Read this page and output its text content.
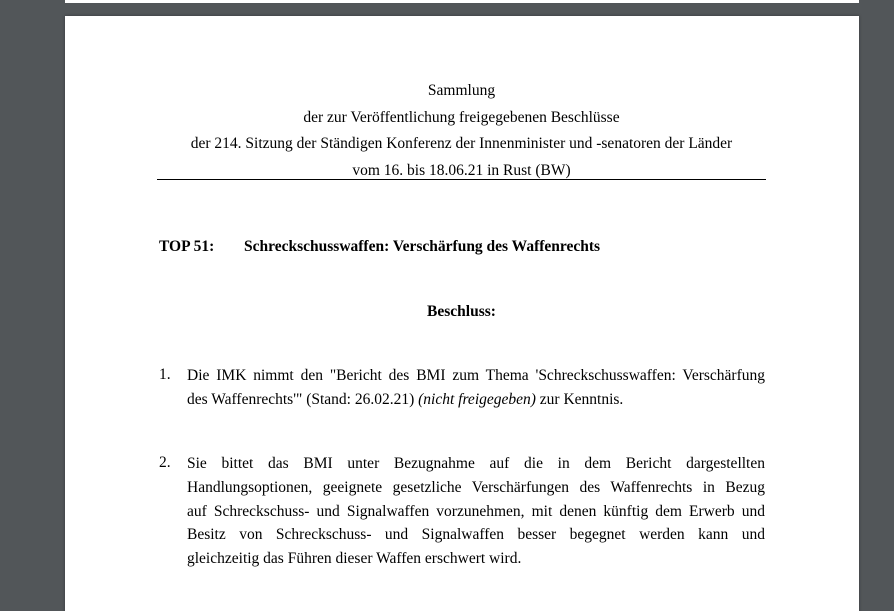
Sammlung
der zur Veröffentlichung freigegebenen Beschlüsse
der 214. Sitzung der Ständigen Konferenz der Innenminister und -senatoren der Länder
vom 16. bis 18.06.21 in Rust (BW)
TOP 51: Schreckschusswaffen: Verschärfung des Waffenrechts
Beschluss:
1. Die IMK nimmt den "Bericht des BMI zum Thema 'Schreckschusswaffen: Verschärfung
des Waffenrechts'" (Stand: 26.02.21) (nicht freigegeben) zur Kenntnis.
2. Sie bittet das BMI unter Bezugnahme auf die in dem Bericht dargestellten
Handlungsoptionen, geeignete gesetzliche Verschärfungen des Waffenrechts in Bezug
auf Schreckschuss- und Signalwaffen vorzunehmen, mit denen künftig dem Erwerb und
Besitz von Schreckschuss- und Signalwaffen besser begegnet werden kann und
gleichzeitig das Führen dieser Waffen erschwert wird.
